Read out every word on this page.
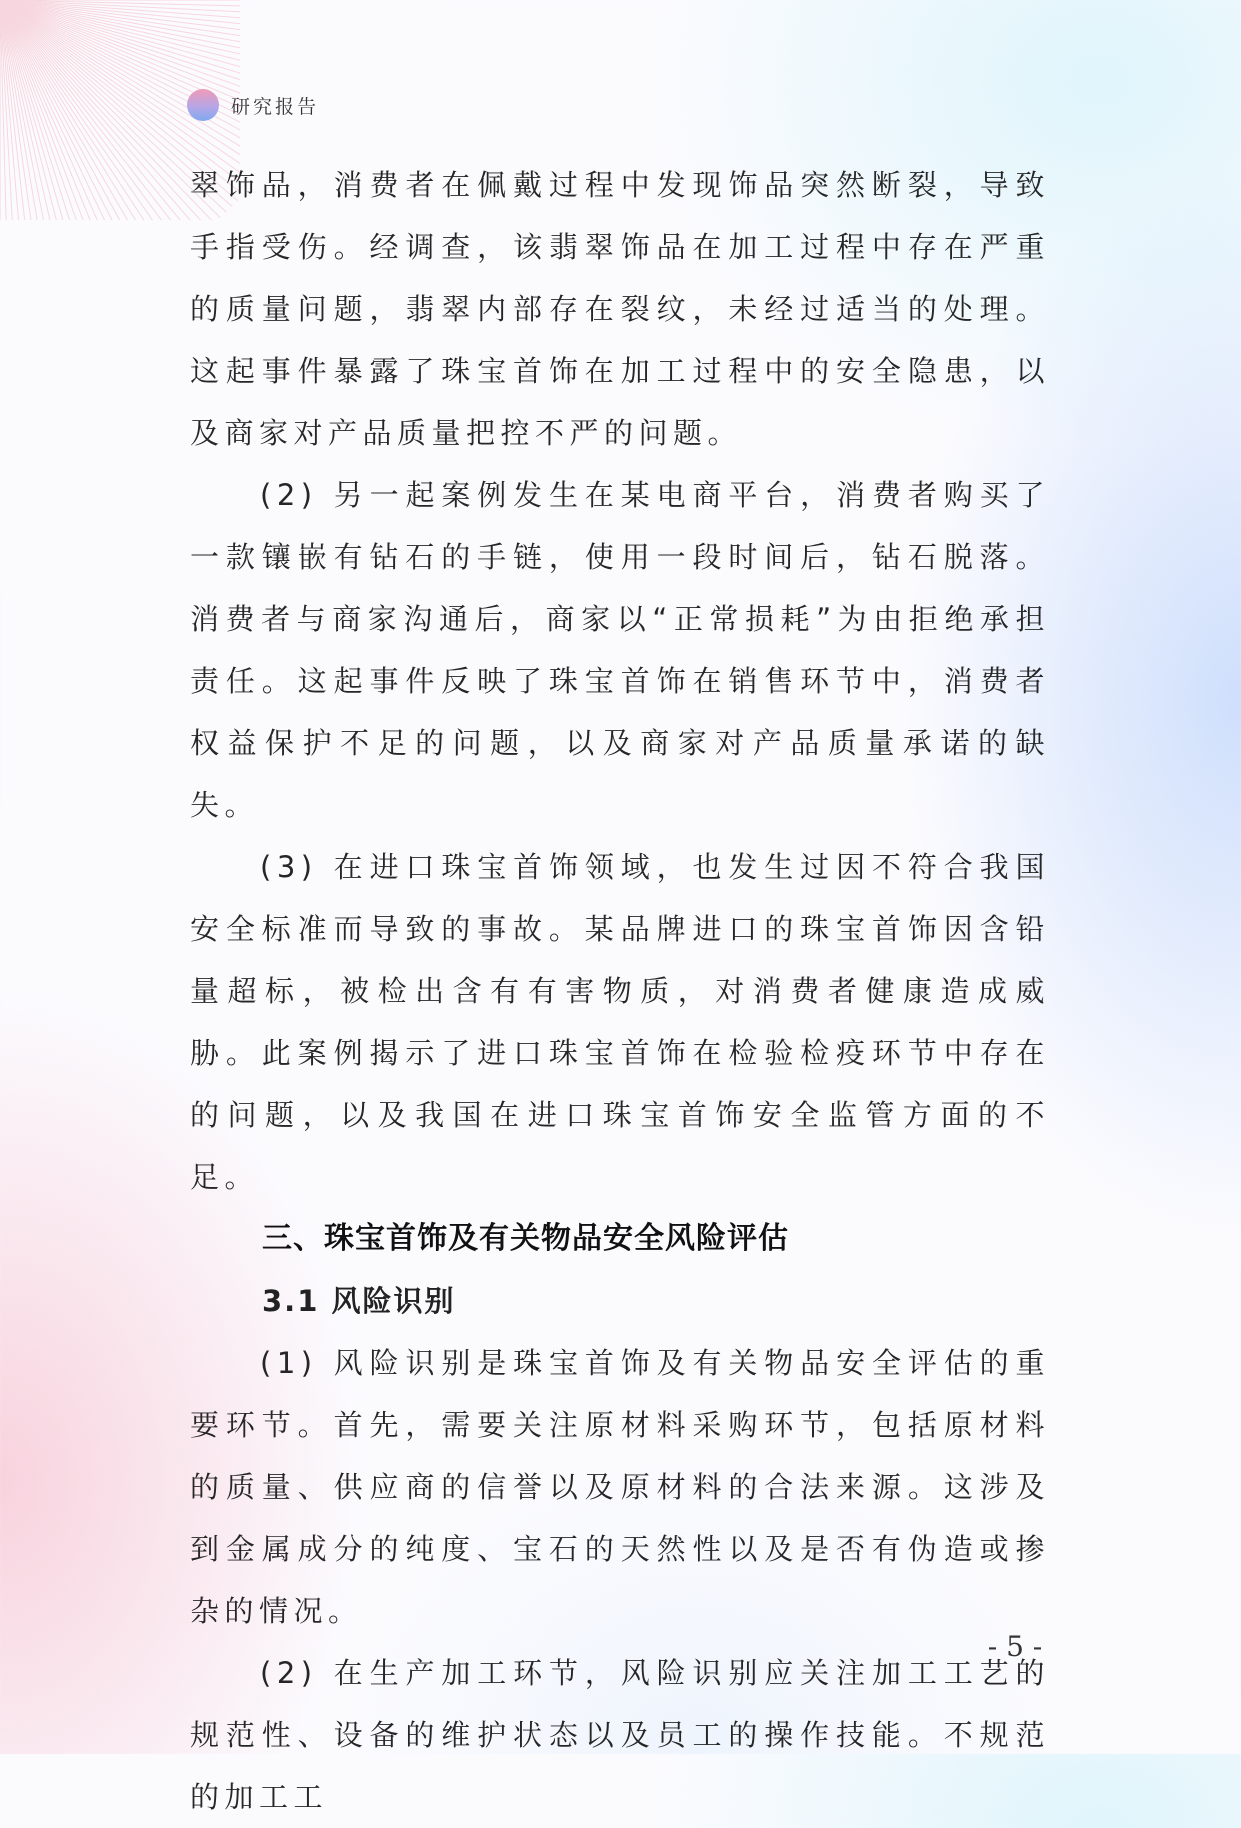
研究报告

翠饰品，消费者在佩戴过程中发现饰品突然断裂，导致手指受伤。经调查，该翡翠饰品在加工过程中存在严重的质量问题，翡翠内部存在裂纹，未经过适当的处理。这起事件暴露了珠宝首饰在加工过程中的安全隐患，以及商家对产品质量把控不严的问题。

(2) 另一起案例发生在某电商平台，消费者购买了一款镶嵌有钻石的手链，使用一段时间后，钻石脱落。消费者与商家沟通后，商家以“正常损耗”为由拒绝承担责任。这起事件反映了珠宝首饰在销售环节中，消费者权益保护不足的问题，以及商家对产品质量承诺的缺失。

(3) 在进口珠宝首饰领域，也发生过因不符合我国安全标准而导致的事故。某品牌进口的珠宝首饰因含铅量超标，被检出含有有害物质，对消费者健康造成威胁。此案例揭示了进口珠宝首饰在检验检疫环节中存在的问题，以及我国在进口珠宝首饰安全监管方面的不足。

三、珠宝首饰及有关物品安全风险评估
3.1 风险识别

(1) 风险识别是珠宝首饰及有关物品安全评估的重要环节。首先，需要关注原材料采购环节，包括原材料的质量、供应商的信誉以及原材料的合法来源。这涉及到金属成分的纯度、宝石的天然性以及是否有伪造或掺杂的情况。

(2) 在生产加工环节，风险识别应关注加工工艺的规范性、设备的维护状态以及员工的操作技能。不规范的加工工

- 5 -
